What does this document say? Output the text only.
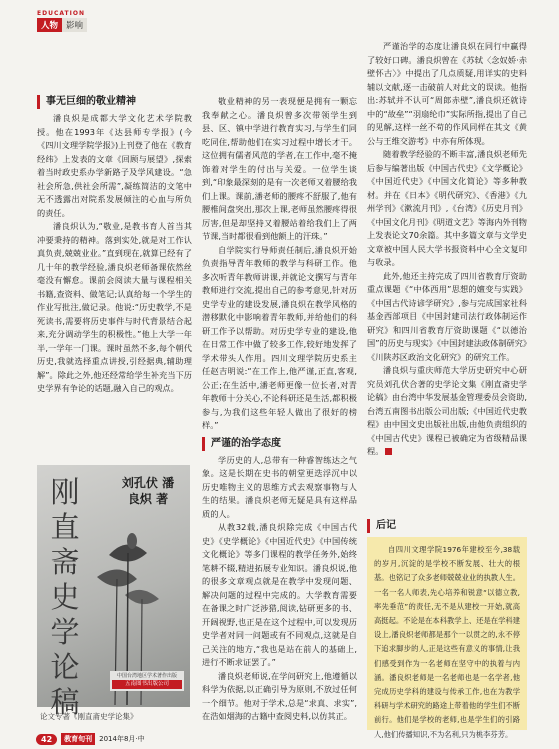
EDUCATION
人物 影响
事无巨细的敬业精神

潘良炽是成都大学文化艺术学院教授。他在1993年《达县师专学报》(今《四川文理学院学报》)上刊登了他在《教育经纬》上发表的文章《回顾与展望》,探索着当时政史系办学新路子及学风建设。“急社会所急,供社会所需”,凝练简洁的文笔中无不透露出对院系发展倾注的心血与所负的责任。

潘良炽认为,“敬业,是教书育人首当其冲要秉持的精神。落到实处,就是对工作认真负责,兢兢业业。”直到现在,就算已经有了几十年的教学经验,潘良炽老师备课依然丝毫没有懈怠。课前会阅读大量与课程相关书籍,查资料、做笔记;认真给每一个学生的作业写批注,做记录。他说:“历史教学,不是死读书,需要将历史事件与时代背景结合起来,充分调动学生的积极性。”他上大学一年半,一学年一门课。课时虽然不多,每个朝代历史,我就选择重点讲授,引经据典,辅助理解”。除此之外,他还经常给学生补充当下历史学界有争论的话题,融入自己的观点。

刚直斋史学论稿
刘孔伏 潘良炽 著
中国台湾地区学术著作出版
五南图书出版公司
论文专著《刚直斋史学论集》

敬业精神的另一表现便是拥有一颗忘我奉献之心。潘良炽曾多次带领学生到县、区、镇中学进行教育实习,与学生们同吃同住,帮助他们在实习过程中增长才干。这位拥有儒者风范的学者,在工作中,毫不掩饰着对学生的付出与关爱。一位学生谈到,“印象最深刻的是有一次老师又着腰给我们上课。课前,潘老师的腰疼不舒服了,他有腰椎间盘突出,那次上课,老师虽然腰疼得很厉害,但是却坚持又着腰站着给我们上了两节课,当时都很看到他额上的汗珠。”

自学院实行导师责任制后,潘良炽开始负责指导青年教师的教学与科研工作。他多次听青年教师讲课,并就论文撰写与青年教师进行交流,提出自己的参考意见,针对历史学专业的建设发展,潘良炽在教学风格的潜移默化中影响着青年教师,并给他们的科研工作予以帮助。对历史学专业的建设,他在日常工作中做了较多工作,较好地发挥了学术带头人作用。四川文理学院历史系主任赵吉明说:“在工作上,他严谨,正直,客观,公正;在生活中,潘老师更像一位长者,对青年教师十分关心,不论科研还是生活,都积极参与,为我们这些年轻人做出了很好的榜样。”

严谨的治学态度

学历史的人,总带有一种睿智练达之气象。这是长期在史书的朝堂更迭浮沉中以历史唯物主义的思维方式去观察事物与人生的结果。潘良炽老师无疑是具有这样品质的人。

从教32载,潘良炽除完成《中国古代史》《史学概论》《中国近代史》《中国传统文化概论》等多门课程的教学任务外,始终笔耕不辍,精进拓展专业知识。潘良炽说,他的很多文章观点就是在教学中发现问题、解决问题的过程中完成的。大学教育需要在备课之时广泛涉猎,阅读,钻研更多的书、开阔视野,也正是在这个过程中,可以发现历史学者对同一问题或有不同观点,这就是自己关注的地方,“我也是站在前人的基础上,进行不断求证罢了。”

潘良炽老师说,在学问研究上,他遵循以科学为依据,以正确引导为原则,不放过任何一个细节。他对于学术,总是“求真、求实”,在浩如烟海的古籍中查阅史料,以仿其正。

严谨治学的态度让潘良炽在同行中赢得了较好口碑。潘良炽曾在《苏轼〈念奴娇·赤壁怀古〉》中提出了几点质疑,用详实的史料辅以文献,逐一击破前人对此文的误读。他指出:苏轼并不认可“周郎赤壁”,潘良炽还就诗中的“故垒”“羽扇纶巾”实际所指,提出了自己的见解,这样一丝不苟的作风同样在其文《黄公与王维交游考》中亦有所体现。

随着教学经验的不断丰富,潘良炽老师先后参与编著出版《中国古代史》《文学概论》《中国近代史》《中国文化简论》等多种教材。并在《日本》《明代研究》、《香港》《九州学刊》《漱流月刊》,《台湾》《历史月刊》《中国文化月刊》《明道文艺》等海内外刊物上发表论文70余篇。其中多篇文章与文学史文章被中国人民大学书报资料中心全文复印与收录。

此外,他还主持完成了四川省教育厅资助重点课题《“中体西用”思想的嬗变与实践》《中国古代诗谚学研究》,参与完成国家社科基金西部项目《中国封建司法行政体制运作研究》和四川省教育厅资助课题《“以德治国”的历史与现实》《中国封建法政体制研究》《川陕苏区政治文化研究》的研究工作。

潘良炽与重庆师范大学历史研究中心研究员刘孔伏合著的史学论文集《刚直斋史学论稿》由台湾中华发展基金管理委员会资助,台湾五南图书出版公司出版;《中国近代史教程》由中国文史出版社出版,由他负责组织的《中国古代史》课程已被确定为省级精品课程。

后记

自四川文理学院1976年建校至今,38载的岁月,沉淀的是学校不断发展、壮大的根基。也铭记了众多老师兢兢业业的执教人生。一名一名人师表,先心培养和锐意“以德立教,率先垂范”的责任,无不是从建校一开始,就高高挺起。不论是在本科教学上、还是在学科建设上,潘良炽老师都是那个一以贯之的,永不停下追求脚步的人,正是这些有意义的事情,让我们感受到作为一名老师在坚守中的执着与内涵。潘良炽老师是一名老师也是一名学者,他完成历史学科的建设与传承工作,也在为教学科研与学术研究的路途上带着他的学生们不断前行。他们是学校的老师,也是学生们的引路人,他们传播知识,不为名利,只为桃李芬芳。

42	教育旬刊	2014年8月·中
